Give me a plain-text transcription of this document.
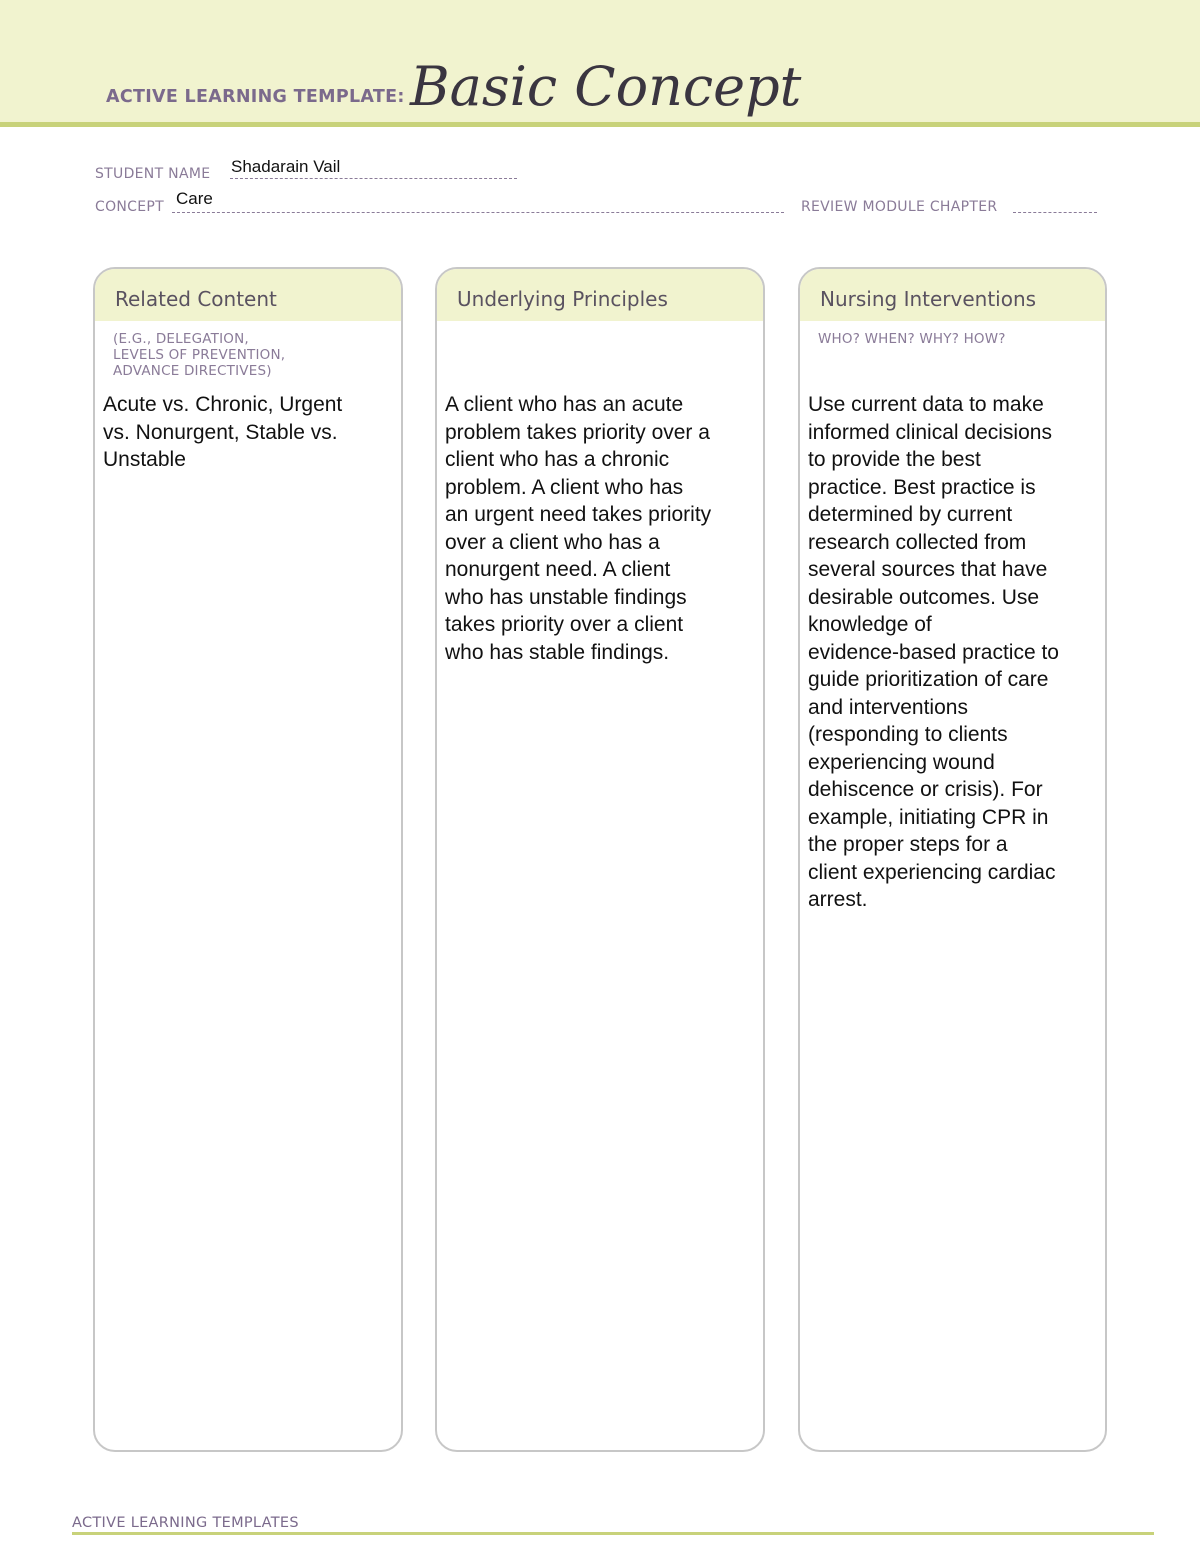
ACTIVE LEARNING TEMPLATE: Basic Concept
STUDENT NAME Shadarain Vail
CONCEPT Care	REVIEW MODULE CHAPTER
Related Content
(E.G., DELEGATION,
LEVELS OF PREVENTION,
ADVANCE DIRECTIVES)
Acute vs. Chronic, Urgent
vs. Nonurgent, Stable vs.
Unstable
Underlying Principles
A client who has an acute
problem takes priority over a
client who has a chronic
problem. A client who has
an urgent need takes priority
over a client who has a
nonurgent need. A client
who has unstable findings
takes priority over a client
who has stable findings.
Nursing Interventions
WHO? WHEN? WHY? HOW?
Use current data to make
informed clinical decisions
to provide the best
practice. Best practice is
determined by current
research collected from
several sources that have
desirable outcomes. Use
knowledge of
evidence-based practice to
guide prioritization of care
and interventions
(responding to clients
experiencing wound
dehiscence or crisis). For
example, initiating CPR in
the proper steps for a
client experiencing cardiac
arrest.
ACTIVE LEARNING TEMPLATES
